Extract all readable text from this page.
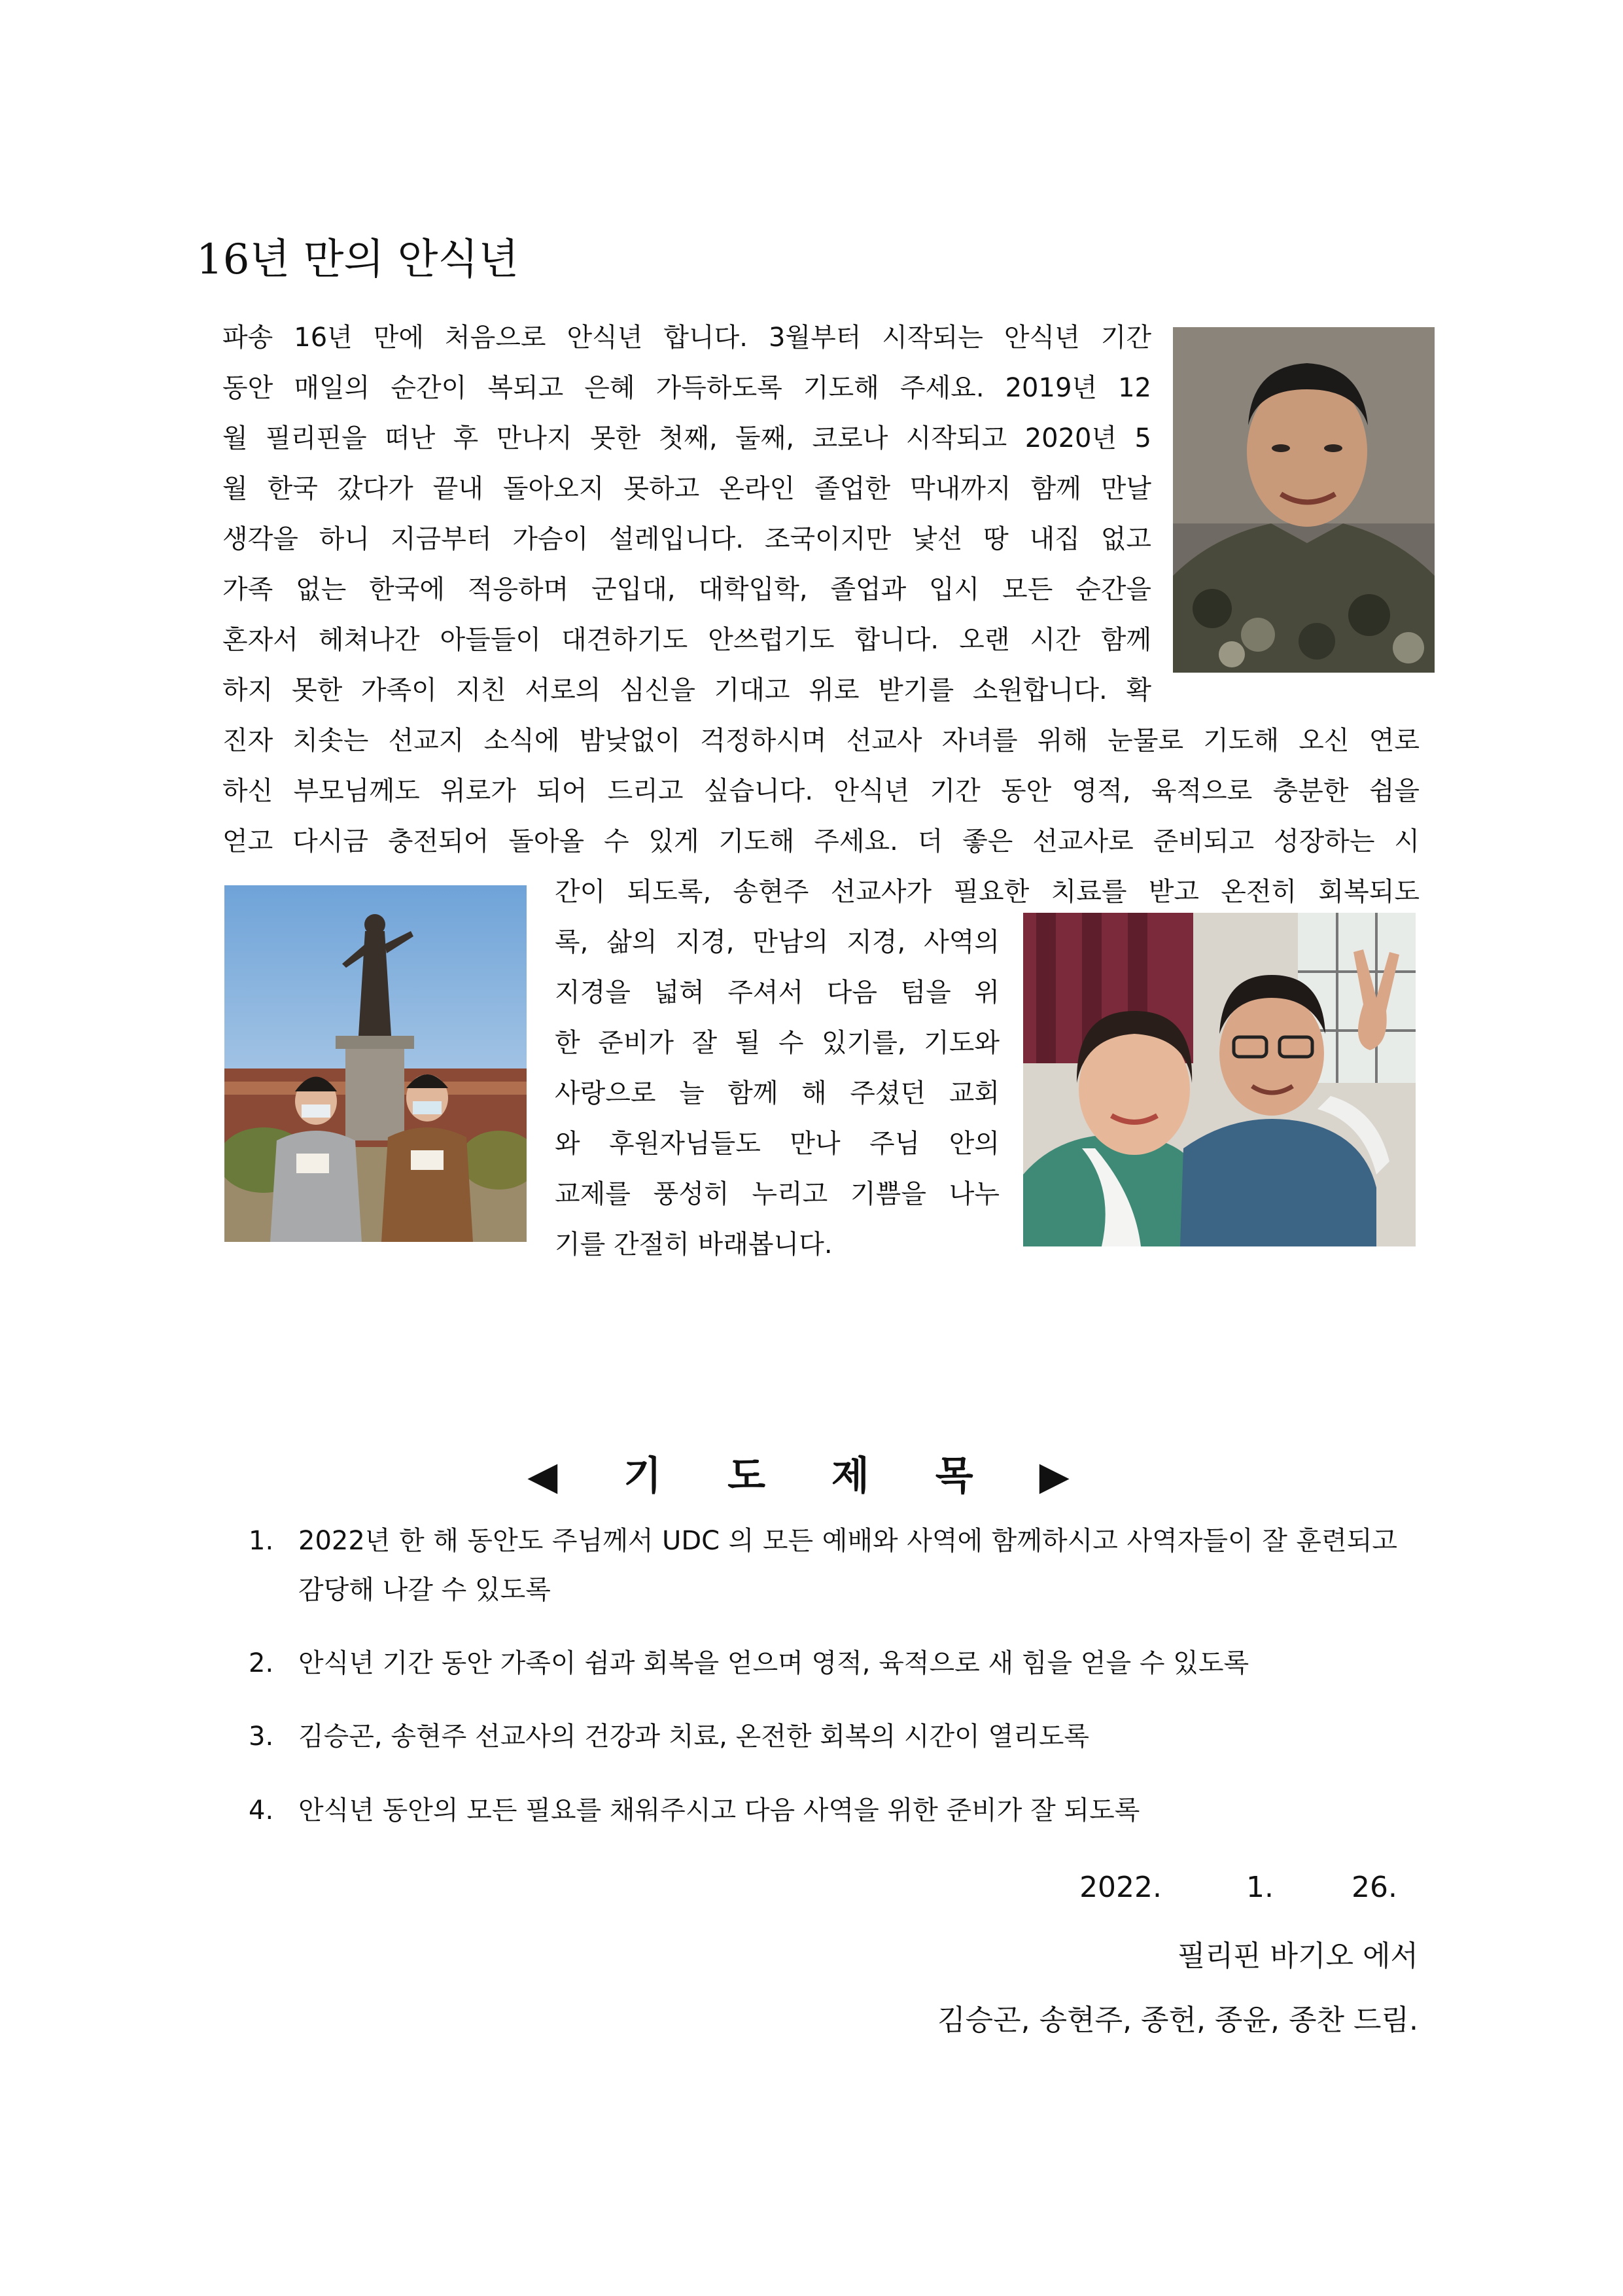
16년 만의 안식년
파송 16년 만에 처음으로 안식년 합니다. 3월부터 시작되는 안식년 기간
동안 매일의 순간이 복되고 은혜 가득하도록 기도해 주세요. 2019년 12
월 필리핀을 떠난 후 만나지 못한 첫째, 둘째, 코로나 시작되고 2020년 5
월 한국 갔다가 끝내 돌아오지 못하고 온라인 졸업한 막내까지 함께 만날
생각을 하니 지금부터 가슴이 설레입니다. 조국이지만 낯선 땅 내집 없고
가족 없는 한국에 적응하며 군입대, 대학입학, 졸업과 입시 모든 순간을
혼자서 헤쳐나간 아들들이 대견하기도 안쓰럽기도 합니다. 오랜 시간 함께
하지 못한 가족이 지친 서로의 심신을 기대고 위로 받기를 소원합니다. 확
진자 치솟는 선교지 소식에 밤낮없이 걱정하시며 선교사 자녀를 위해 눈물로 기도해 오신 연로
하신 부모님께도 위로가 되어 드리고 싶습니다. 안식년 기간 동안 영적, 육적으로 충분한 쉼을
얻고 다시금 충전되어 돌아올 수 있게 기도해 주세요. 더 좋은 선교사로 준비되고 성장하는 시
간이 되도록, 송현주 선교사가 필요한 치료를 받고 온전히 회복되도
록, 삶의 지경, 만남의 지경, 사역의
지경을 넓혀 주셔서 다음 텀을 위
한 준비가 잘 될 수 있기를, 기도와
사랑으로 늘 함께 해 주셨던 교회
와 후원자님들도 만나 주님 안의
교제를 풍성히 누리고 기쁨을 나누
기를 간절히 바래봅니다.
◀ 기 도 제 목 ▶
1. 2022년 한 해 동안도 주님께서 UDC 의 모든 예배와 사역에 함께하시고 사역자들이 잘 훈련되고 감당해 나갈 수 있도록
2. 안식년 기간 동안 가족이 쉼과 회복을 얻으며 영적, 육적으로 새 힘을 얻을 수 있도록
3. 김승곤, 송현주 선교사의 건강과 치료, 온전한 회복의 시간이 열리도록
4. 안식년 동안의 모든 필요를 채워주시고 다음 사역을 위한 준비가 잘 되도록
2022.	1.	26.
필리핀 바기오 에서
김승곤, 송현주, 종헌, 종윤, 종찬 드림.
